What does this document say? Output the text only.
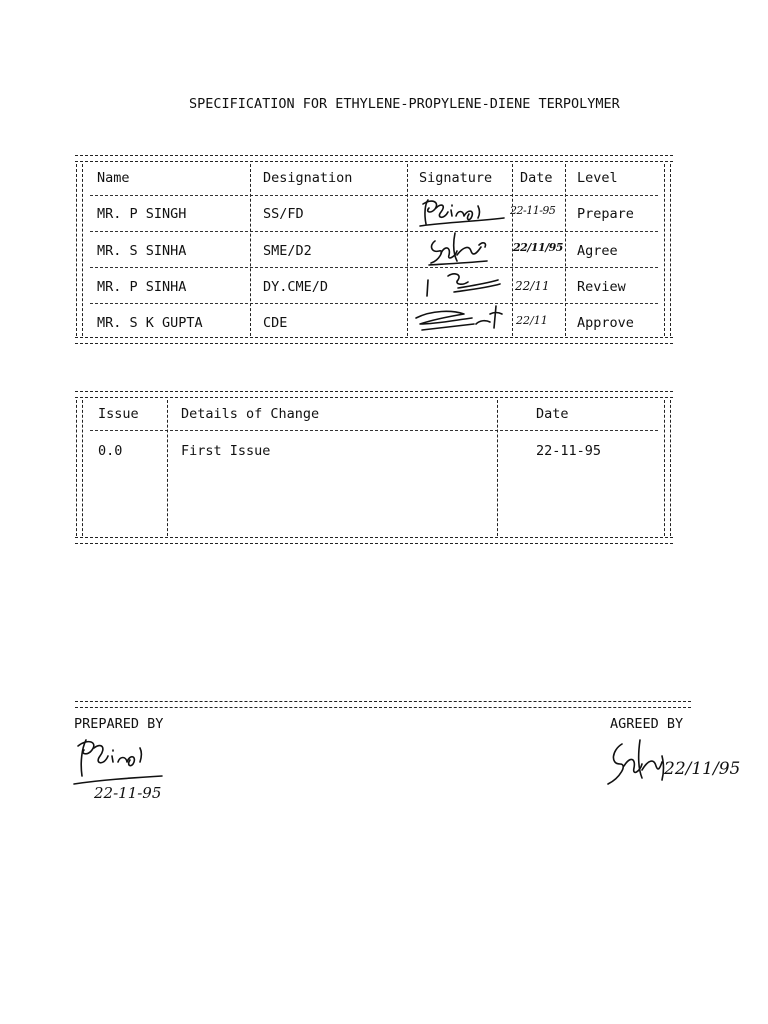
SPECIFICATION FOR ETHYLENE-PROPYLENE-DIENE TERPOLYMER
Name	Designation	Signature Date Level
MR. P SINGH	SS/FD	22-11-95 Prepare
MR. S SINHA	SME/D2	22/11/95 Agree
MR. P SINHA	DY.CME/D	22/11 Review
MR. S K GUPTA	CDE	22/11 Approve
Issue	Details of Change	Date
0.0	First Issue	22-11-95
PREPARED BY	AGREED BY
22-11-95
22/11/95
